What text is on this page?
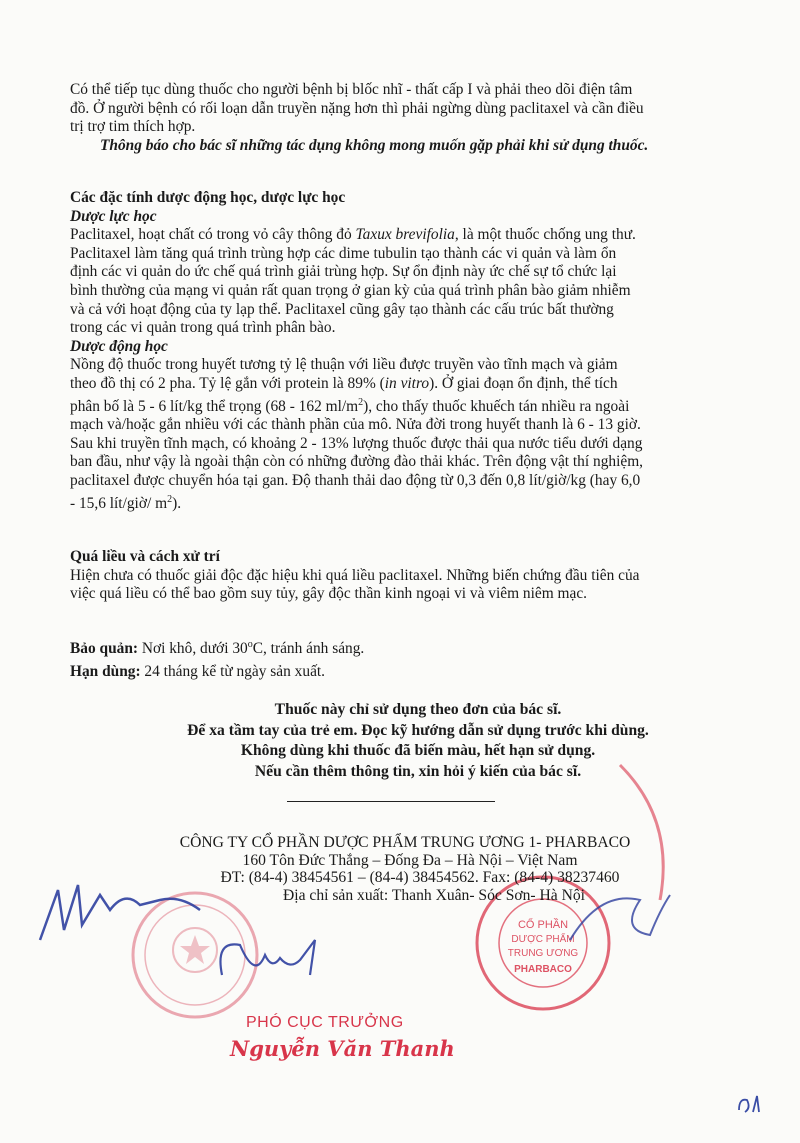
Có thể tiếp tục dùng thuốc cho người bệnh bị blốc nhĩ - thất cấp I và phải theo dõi điện tâm
đồ. Ở người bệnh có rối loạn dẫn truyền nặng hơn thì phải ngừng dùng paclitaxel và cần điều
trị trợ tim thích hợp.
Thông báo cho bác sĩ những tác dụng không mong muốn gặp phải khi sử dụng thuốc.
Các đặc tính dược động học, dược lực học
Dược lực học
Paclitaxel, hoạt chất có trong vỏ cây thông đỏ Taxux brevifolia, là một thuốc chống ung thư.
Paclitaxel làm tăng quá trình trùng hợp các dime tubulin tạo thành các vi quản và làm ổn
định các vi quản do ức chế quá trình giải trùng hợp. Sự ổn định này ức chế sự tổ chức lại
bình thường của mạng vi quản rất quan trọng ở gian kỳ của quá trình phân bào giảm nhiễm
và cả với hoạt động của ty lạp thể. Paclitaxel cũng gây tạo thành các cấu trúc bất thường
trong các vi quản trong quá trình phân bào.
Dược động học
Nồng độ thuốc trong huyết tương tỷ lệ thuận với liều được truyền vào tĩnh mạch và giảm
theo đồ thị có 2 pha. Tỷ lệ gắn với protein là 89% (in vitro). Ở giai đoạn ổn định, thể tích
phân bố là 5 - 6 lít/kg thể trọng (68 - 162 $ml/m^2$), cho thấy thuốc khuếch tán nhiều ra ngoài
mạch và/hoặc gắn nhiều với các thành phần của mô. Nửa đời trong huyết thanh là 6 - 13 giờ.
Sau khi truyền tĩnh mạch, có khoảng 2 - 13% lượng thuốc được thải qua nước tiểu dưới dạng
ban đầu, như vậy là ngoài thận còn có những đường đào thải khác. Trên động vật thí nghiệm,
paclitaxel được chuyển hóa tại gan. Độ thanh thải dao động từ 0,3 đến 0,8 lít/giờ/kg (hay 6,0
- 15,6 lít/giờ/ $m^2$).
Quá liều và cách xử trí
Hiện chưa có thuốc giải độc đặc hiệu khi quá liều paclitaxel. Những biến chứng đầu tiên của
việc quá liều có thể bao gồm suy tủy, gây độc thần kinh ngoại vi và viêm niêm mạc.
Bảo quản: Nơi khô, dưới 30$^o$C, tránh ánh sáng.
Hạn dùng: 24 tháng kể từ ngày sản xuất.
Thuốc này chỉ sử dụng theo đơn của bác sĩ.
Để xa tầm tay của trẻ em. Đọc kỹ hướng dẫn sử dụng trước khi dùng.
Không dùng khi thuốc đã biến màu, hết hạn sử dụng.
Nếu cần thêm thông tin, xin hỏi ý kiến của bác sĩ.
CỔ PHẦN
DƯỢC PHẨM
TRUNG ƯƠNG
PHARBACO
CÔNG TY CỔ PHẦN DƯỢC PHẨM TRUNG ƯƠNG 1- PHARBACO
160 Tôn Đức Thắng – Đống Đa – Hà Nội – Việt Nam
ĐT: (84-4) 38454561 – (84-4) 38454562. Fax: (84-4) 38237460
Địa chỉ sản xuất: Thanh Xuân- Sóc Sơn- Hà Nội
PHÓ CỤC TRƯỞNG
Nguyễn Văn Thanh
